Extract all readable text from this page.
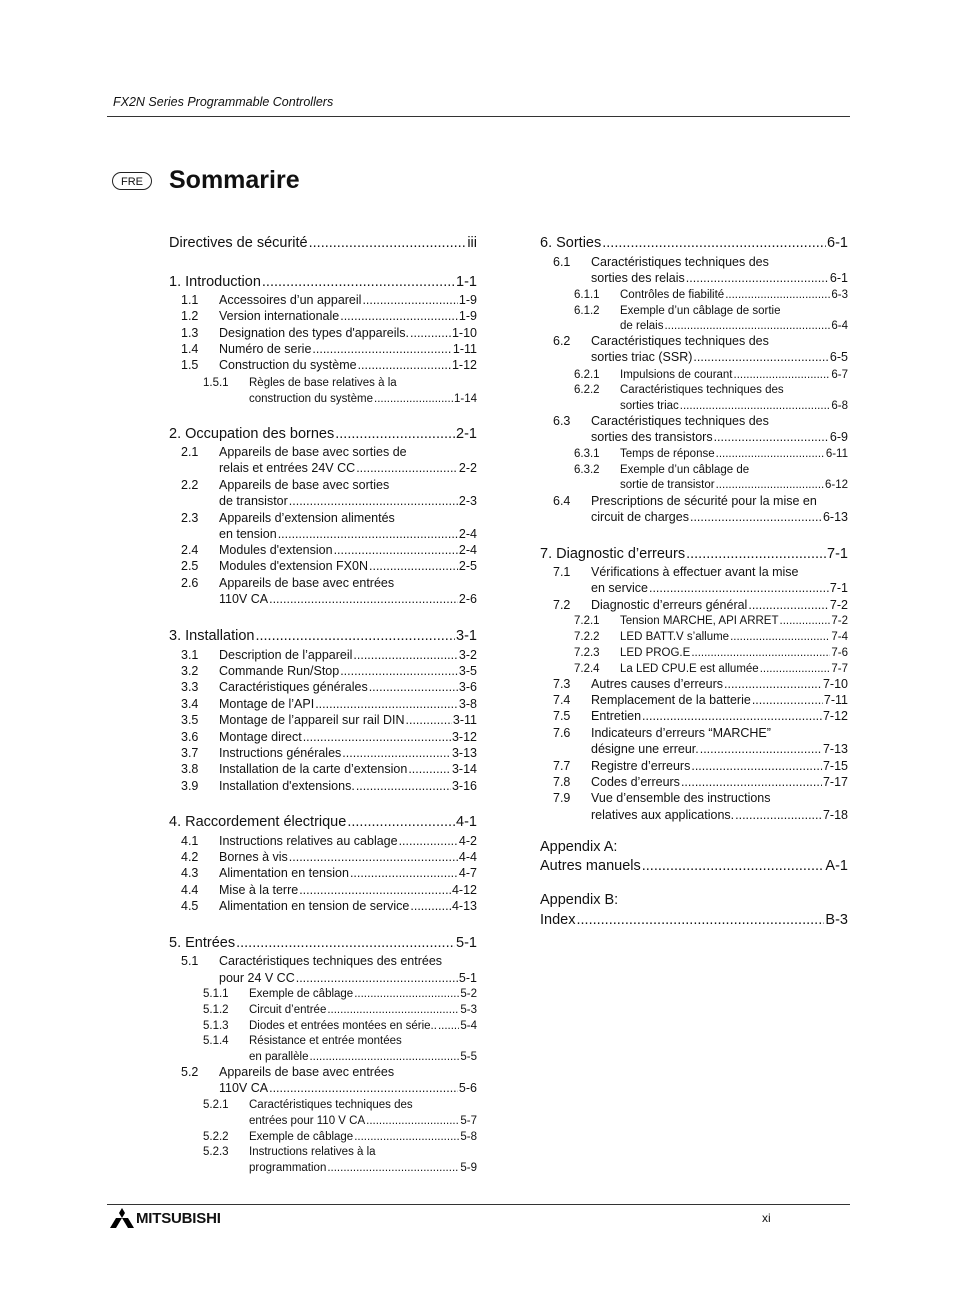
FX2N Series Programmable Controllers
FRE	Sommarire
Directives de sécurité .....	iii
1. Introduction .....	1-1
1.1 Accessoires d’un appareil .....	1-9
1.2 Version internationale .....	1-9
1.3 Designation des types d'appareils. .....	1-10
1.4 Numéro de serie .....	1-11
1.5 Construction du système .....	1-12
1.5.1 Règles de base relatives à la
construction du système .....	1-14
2. Occupation des bornes .....	2-1
2.1 Appareils de base avec sorties de
relais et entrées 24V CC .....	2-2
2.2 Appareils de base avec sorties
de transistor .....	2-3
2.3 Appareils d’extension alimentés
en tension .....	2-4
2.4 Modules d'extension .....	2-4
2.5 Modules d'extension FX0N .....	2-5
2.6 Appareils de base avec entrées
110V CA .....	2-6
3. Installation .....	3-1
3.1 Description de l’appareil .....	3-2
3.2 Commande Run/Stop .....	3-5
3.3 Caractéristiques générales .....	3-6
3.4 Montage de l’API .....	3-8
3.5 Montage de l’appareil sur rail DIN .....	3-11
3.6 Montage direct .....	3-12
3.7 Instructions générales .....	3-13
3.8 Installation de la carte d’extension .....	3-14
3.9 Installation d'extensions. .....	3-16
4. Raccordement électrique .....	4-1
4.1 Instructions relatives au cablage .....	4-2
4.2 Bornes à vis .....	4-4
4.3 Alimentation en tension .....	4-7
4.4 Mise à la terre .....	4-12
4.5 Alimentation en tension de service .....	4-13
5. Entrées .....	5-1
5.1 Caractéristiques techniques des entrées
pour 24 V CC .....	5-1
5.1.1 Exemple de câblage .....	5-2
5.1.2 Circuit d’entrée .....	5-3
5.1.3 Diodes et entrées montées en série.. ..... 5-4
5.1.4 Résistance et entrée montées
en parallèle .....	5-5
5.2 Appareils de base avec entrées
110V CA .....	5-6
5.2.1 Caractéristiques techniques des
entrées pour 110 V CA .....	5-7
5.2.2 Exemple de câblage .....	5-8
5.2.3 Instructions relatives à la
programmation .....	5-9
6. Sorties .....	6-1
6.1 Caractéristiques techniques des
sorties des relais .....	6-1
6.1.1 Contrôles de fiabilité .....	6-3
6.1.2 Exemple d’un câblage de sortie
de relais .....	6-4
6.2 Caractéristiques techniques des
sorties triac (SSR) .....	6-5
6.2.1 Impulsions de courant .....	6-7
6.2.2 Caractéristiques techniques des
sorties triac .....	6-8
6.3 Caractéristiques techniques des
sorties des transistors .....	6-9
6.3.1 Temps de réponse .....	6-11
6.3.2 Exemple d’un câblage de
sortie de transistor .....	6-12
6.4 Prescriptions de sécurité pour la mise en
circuit de charges .....	6-13
7. Diagnostic d’erreurs .....	7-1
7.1 Vérifications à effectuer avant la mise
en service .....	7-1
7.2 Diagnostic d’erreurs général .....	7-2
7.2.1 Tension MARCHE, API ARRET .....	7-2
7.2.2 LED BATT.V s’allume .....	7-4
7.2.3 LED PROG.E .....	7-6
7.2.4 La LED CPU.E est allumée .....	7-7
7.3 Autres causes d’erreurs .....	7-10
7.4 Remplacement de la batterie .....	7-11
7.5 Entretien .....	7-12
7.6 Indicateurs d’erreurs “MARCHE”
désigne une erreur. .....	7-13
7.7 Registre d’erreurs .....	7-15
7.8 Codes d’erreurs .....	7-17
7.9 Vue d’ensemble des instructions
relatives aux applications. .....	7-18
Appendix A:
Autres manuels .....	A-1
Appendix B:
Index .....	B-3
MITSUBISHI	xi
